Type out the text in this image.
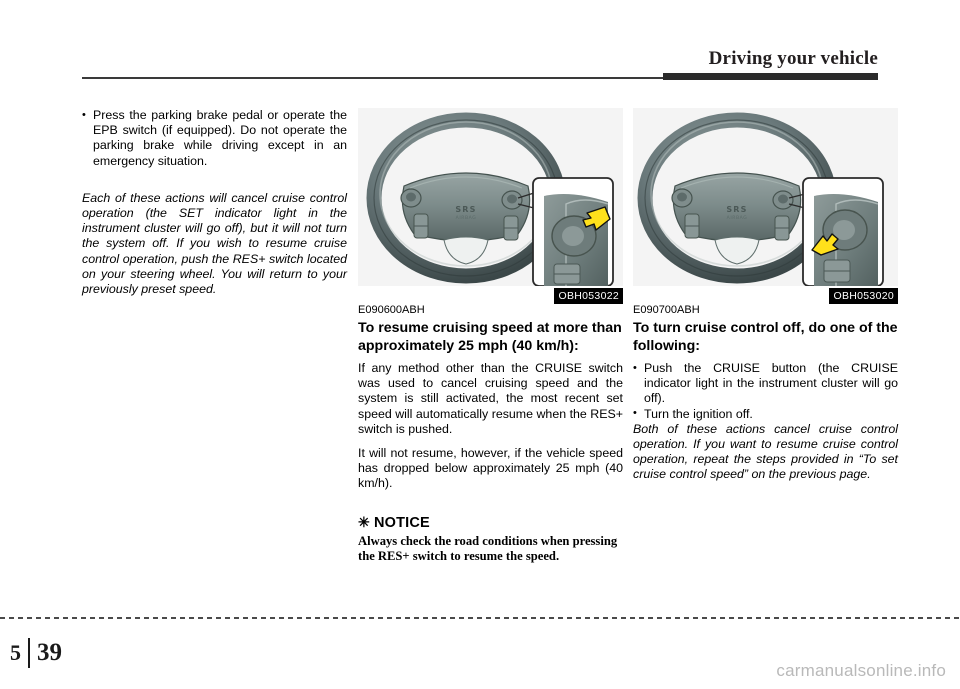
Driving your vehicle
• Press the parking brake pedal or operate the EPB switch (if equipped). Do not operate the parking brake while driving except in an emergency situation.
Each of these actions will cancel cruise control operation (the SET indicator light in the instrument cluster will go off), but it will not turn the system off. If you wish to resume cruise control operation, push the RES+ switch located on your steering wheel. You will return to your previously preset speed.
SRS
AIRBAG
OBH053022
E090600ABH
To resume cruising speed at more than approximately 25 mph (40 km/h):
If any method other than the CRUISE switch was used to cancel cruising speed and the system is still activated, the most recent set speed will automatically resume when the RES+ switch is pushed.
It will not resume, however, if the vehicle speed has dropped below approximately 25 mph (40 km/h).
✳ NOTICE
Always check the road conditions when pressing the RES+ switch to resume the speed.
SRS
AIRBAG
OBH053020
E090700ABH
To turn cruise control off, do one of the following:
• Push the CRUISE button (the CRUISE indicator light in the instrument cluster will go off).
• Turn the ignition off.
Both of these actions cancel cruise control operation. If you want to resume cruise control operation, repeat the steps provided in “To set cruise control speed” on the previous page.
5 39
carmanualsonline.info
